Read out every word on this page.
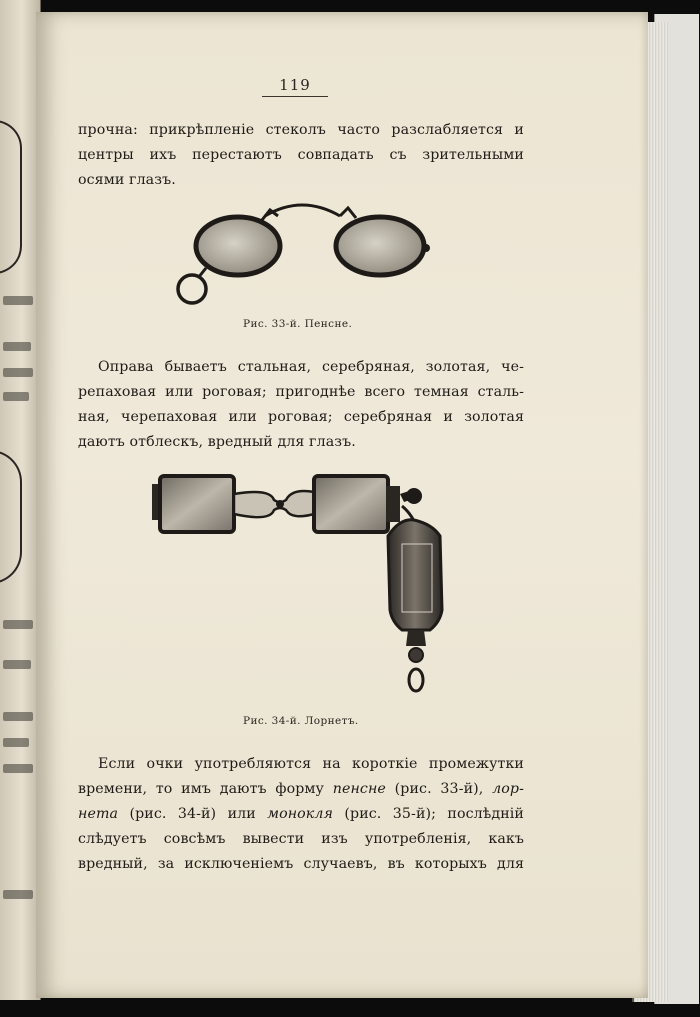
119

прочна: прикрѣпленіе стеколъ часто разслабляется и
центры ихъ перестаютъ совпадать съ зрительными
осями глазъ.

Рис. 33-й. Пенсне.

Оправа бываетъ стальная, серебряная, золотая, че-
репаховая или роговая; пригоднѣе всего темная сталь-
ная, черепаховая или роговая; серебряная и золотая
даютъ отблескъ, вредный для глазъ.

Рис. 34-й. Лорнетъ.

Если очки употребляются на короткіе промежутки
времени, то имъ даютъ форму пенсне (рис. 33-й), лор-
нета (рис. 34-й) или монокля (рис. 35-й); послѣдній
слѣдуетъ совсѣмъ вывести изъ употребленія, какъ
вредный, за исключеніемъ случаевъ, въ которыхъ для
